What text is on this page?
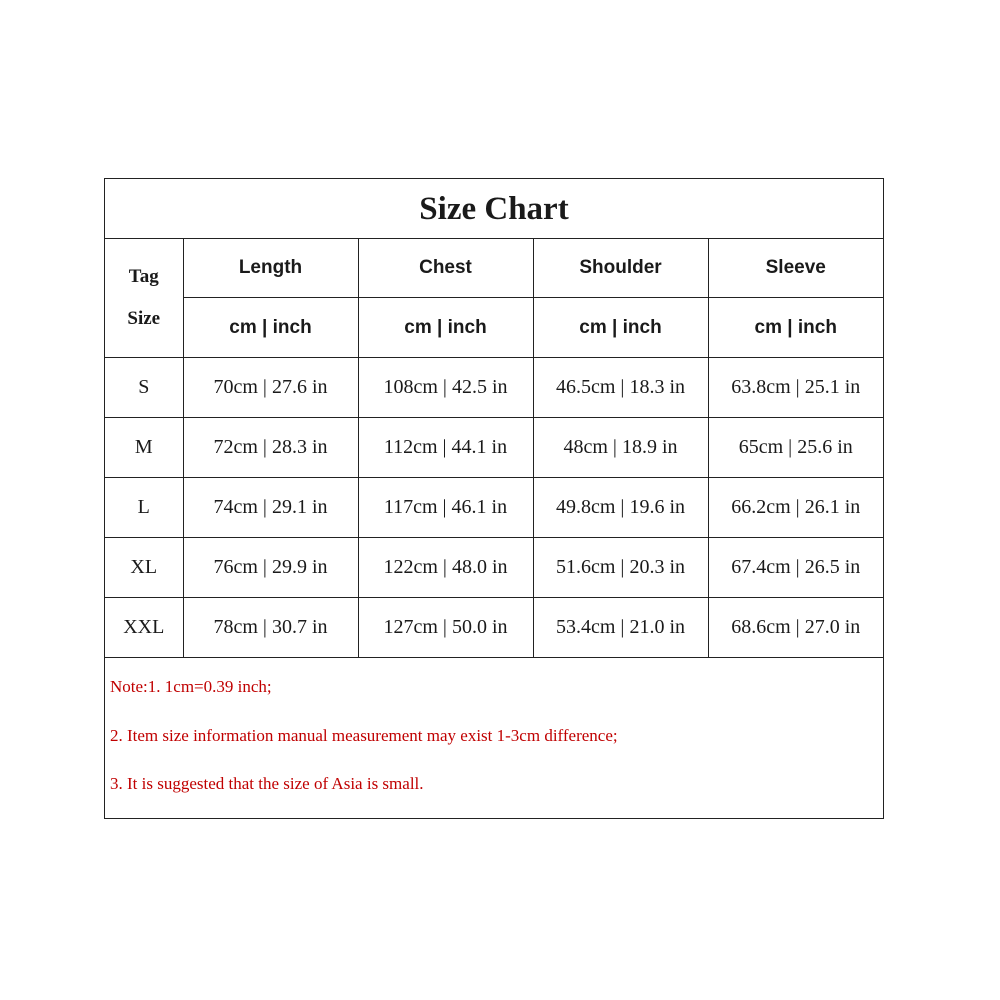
Size Chart
Tag
Size	Length	Chest	Shoulder	Sleeve
	cm | inch	cm | inch	cm | inch	cm | inch
S	70cm | 27.6 in	108cm | 42.5 in	46.5cm | 18.3 in	63.8cm | 25.1 in
M	72cm | 28.3 in	112cm | 44.1 in	48cm | 18.9 in	65cm | 25.6 in
L	74cm | 29.1 in	117cm | 46.1 in	49.8cm | 19.6 in	66.2cm | 26.1 in
XL	76cm | 29.9 in	122cm | 48.0 in	51.6cm | 20.3 in	67.4cm | 26.5 in
XXL	78cm | 30.7 in	127cm | 50.0 in	53.4cm | 21.0 in	68.6cm | 27.0 in
Note:1. 1cm=0.39 inch;
2. Item size information manual measurement may exist 1-3cm difference;
3. It is suggested that the size of Asia is small.
